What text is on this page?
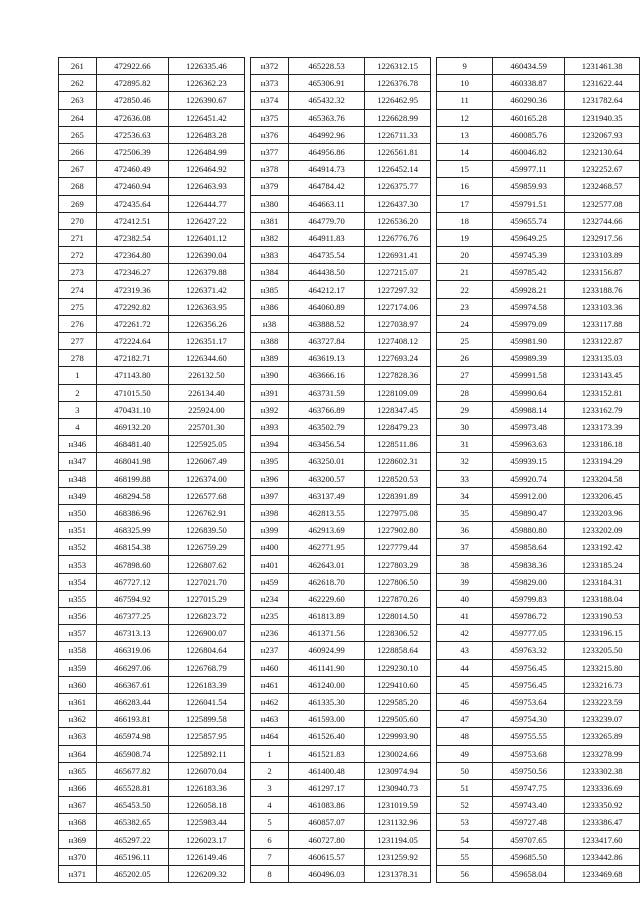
261	472922.66	1226335.46
262	472895.82	1226362.23
263	472850.46	1226390.67
264	472636.08	1226451.42
265	472536.63	1226483.28
266	472506.39	1226484.99
267	472460.49	1226464.92
268	472460.94	1226463.93
269	472435.64	1226444.77
270	472412.51	1226427.22
271	472382.54	1226401.12
272	472364.80	1226390.04
273	472346.27	1226379.88
274	472319.36	1226371.42
275	472292.82	1226363.95
276	472261.72	1226356.26
277	472224.64	1226351.17
278	472182.71	1226344.60
1	471143.80	226132.50
2	471015.50	226134.40
3	470431.10	225924.00
4	469132.20	225701.30
н346	468481.40	1225925.05
н347	468041.98	1226067.49
н348	468199.88	1226374.00
н349	468294.58	1226577.68
н350	468386.96	1226762.91
н351	468325.99	1226839.50
н352	468154.38	1226759.29
н353	467898.60	1226807.62
н354	467727.12	1227021.70
н355	467594.92	1227015.29
н356	467377.25	1226823.72
н357	467313.13	1226900.07
н358	466319.06	1226804.64
н359	466297.06	1226768.79
н360	466367.61	1226183.39
н361	466283.44	1226041.54
н362	466193.81	1225899.58
н363	465974.98	1225857.95
н364	465908.74	1225892.11
н365	465677.82	1226070.04
н366	465528.81	1226183.36
н367	465453.50	1226058.18
н368	465382.65	1225983.44
н369	465297.22	1226023.17
н370	465196.11	1226149.46
н371	465202.05	1226209.32
н372	465228.53	1226312.15
н373	465306.91	1226376.78
н374	465432.32	1226462.95
н375	465363.76	1226628.99
н376	464992.96	1226711.33
н377	464956.86	1226561.81
н378	464914.73	1226452.14
н379	464784.42	1226375.77
н380	464663.11	1226437.30
н381	464779.70	1226536.20
н382	464911.83	1226776.76
н383	464735.54	1226931.41
н384	464438.50	1227215.07
н385	464212.17	1227297.32
н386	464060.89	1227174.06
н38	463888.52	1227038.97
н388	463727.84	1227408.12
н389	463619.13	1227693.24
н390	463666.16	1227828.36
н391	463731.59	1228109.09
н392	463766.89	1228347.45
н393	463502.79	1228479.23
н394	463456.54	1228511.86
н395	463250.01	1228602.31
н396	463200.57	1228520.53
н397	463137.49	1228391.89
н398	462813.55	1227975.08
н399	462913.69	1227902.80
н400	462771.95	1227779.44
н401	462643.01	1227803.29
н459	462618.70	1227806.50
н234	462229.60	1227870.26
н235	461813.89	1228014.50
н236	461371.56	1228306.52
н237	460924.99	1228858.64
н460	461141.90	1229230.10
н461	461240.00	1229410.60
н462	461335.30	1229585.20
н463	461593.00	1229505.60
н464	461526.40	1229993.90
1	461521.83	1230024.66
2	461400.48	1230974.94
3	461297.17	1230940.73
4	461083.86	1231019.59
5	460857.07	1231132.96
6	460727.80	1231194.05
7	460615.57	1231259.92
8	460496.03	1231378.31
9	460434.59	1231461.38
10	460338.87	1231622.44
11	460290.36	1231782.64
12	460165.28	1231940.35
13	460085.76	1232067.93
14	460046.82	1232130.64
15	459977.11	1232252.67
16	459859.93	1232468.57
17	459791.51	1232577.08
18	459655.74	1232744.66
19	459649.25	1232917.56
20	459745.39	1233103.89
21	459785.42	1233156.87
22	459928.21	1233188.76
23	459974.58	1233103.36
24	459979.09	1233117.88
25	459981.90	1233122.87
26	459989.39	1233135.03
27	459991.58	1233143.45
28	459990.64	1233152.81
29	459988.14	1233162.79
30	459973.48	1233173.39
31	459963.63	1233186.18
32	459939.15	1233194.29
33	459920.74	1233204.58
34	459912.00	1233206.45
35	459890.47	1233203.96
36	459880.80	1233202.09
37	459858.64	1233192.42
38	459838.36	1233185.24
39	459829.00	1233184.31
40	459799.83	1233188.04
41	459786.72	1233190.53
42	459777.05	1233196.15
43	459763.32	1233205.50
44	459756.45	1233215.80
45	459756.45	1233216.73
46	459753.64	1233223.59
47	459754.30	1233239.07
48	459755.55	1233265.89
49	459753.68	1233278.99
50	459750.56	1233302.38
51	459747.75	1233336.69
52	459743.40	1233350.92
53	459727.48	1233386.47
54	459707.65	1233417.60
55	459685.50	1233442.86
56	459658.04	1233469.68
